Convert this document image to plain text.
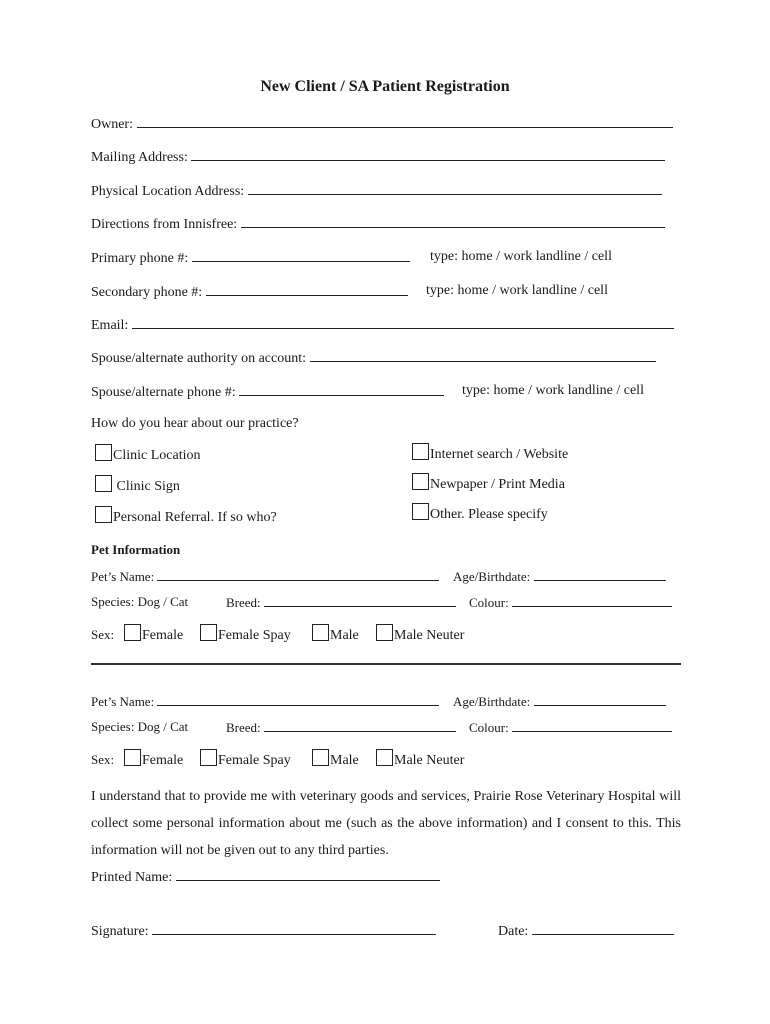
New Client / SA Patient Registration
Owner:
Mailing Address:
Physical Location Address:
Directions from Innisfree:
Primary phone #:	type: home / work landline / cell
Secondary phone #:	type: home / work landline / cell
Email:
Spouse/alternate authority on account:
Spouse/alternate phone #:	type: home / work landline / cell
How do you hear about our practice?
Clinic Location
Clinic Sign
Personal Referral. If so who?
Internet search / Website
Newpaper / Print Media
Other. Please specify
Pet Information
Pet’s Name:	Age/Birthdate:
Species: Dog / Cat	Breed:	Colour:
Sex:	Female	Female Spay	Male	Male Neuter
Pet’s Name:	Age/Birthdate:
Species: Dog / Cat	Breed:	Colour:
Sex:	Female	Female Spay	Male	Male Neuter
I understand that to provide me with veterinary goods and services, Prairie Rose Veterinary Hospital will collect some personal information about me (such as the above information) and I consent to this. This information will not be given out to any third parties.
Printed Name:
Signature:	Date:
